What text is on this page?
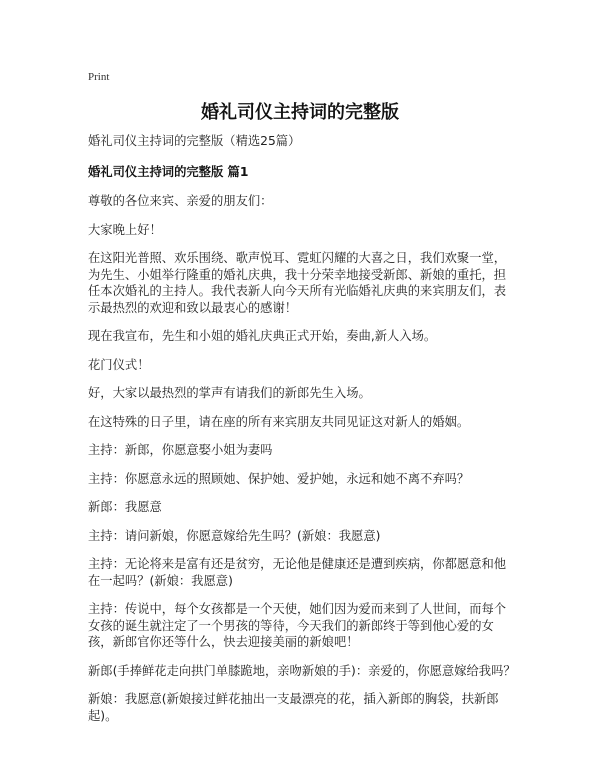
Print
婚礼司仪主持词的完整版

婚礼司仪主持词的完整版（精选25篇）

婚礼司仪主持词的完整版 篇1

尊敬的各位来宾、亲爱的朋友们：

大家晚上好！

在这阳光普照、欢乐围绕、歌声悦耳、霓虹闪耀的大喜之日，我们欢聚一堂，为先生、小姐举行隆重的婚礼庆典，我十分荣幸地接受新郎、新娘的重托，担任本次婚礼的主持人。我代表新人向今天所有光临婚礼庆典的来宾朋友们，表示最热烈的欢迎和致以最衷心的感谢！

现在我宣布，先生和小姐的婚礼庆典正式开始，奏曲,新人入场。

花门仪式！

好，大家以最热烈的掌声有请我们的新郎先生入场。

在这特殊的日子里，请在座的所有来宾朋友共同见证这对新人的婚姻。

主持：新郎，你愿意娶小姐为妻吗

主持：你愿意永远的照顾她、保护她、爱护她，永远和她不离不弃吗？

新郎：我愿意

主持：请问新娘，你愿意嫁给先生吗？(新娘：我愿意)

主持：无论将来是富有还是贫穷，无论他是健康还是遭到疾病，你都愿意和他在一起吗？(新娘：我愿意)

主持：传说中，每个女孩都是一个天使，她们因为爱而来到了人世间，而每个女孩的诞生就注定了一个男孩的等待，今天我们的新郎终于等到他心爱的女孩，新郎官你还等什么，快去迎接美丽的新娘吧！

新郎(手捧鲜花走向拱门单膝跪地，亲吻新娘的手)：亲爱的，你愿意嫁给我吗？

新娘：我愿意(新娘接过鲜花抽出一支最漂亮的花，插入新郎的胸袋，扶新郎起)。
